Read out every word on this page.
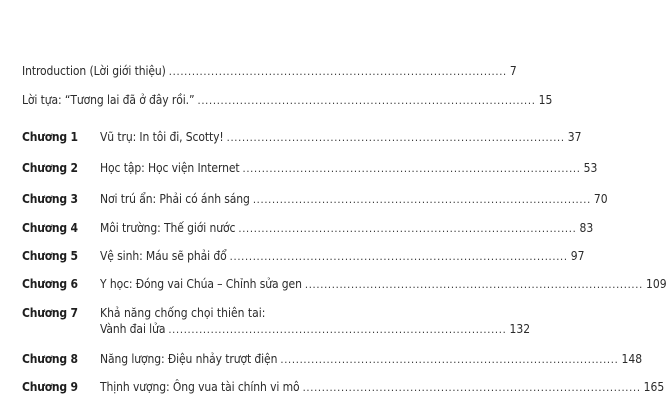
Introduction (Lời giới thiệu) ........................................................................................ 7
Lời tựa: “Tương lai đã ở đây rồi.” ........................................................................................ 15
Chương 1	Vũ trụ: In tôi đi, Scotty! ........................................................................................ 37
Chương 2	Học tập: Học viện Internet ........................................................................................ 53
Chương 3	Nơi trú ẩn: Phải có ánh sáng ........................................................................................ 70
Chương 4	Môi trường: Thế giới nước ........................................................................................ 83
Chương 5	Vệ sinh: Máu sẽ phải đổ ........................................................................................ 97
Chương 6	Y học: Đóng vai Chúa – Chỉnh sửa gen ........................................................................................ 109
Chương 7	Khả năng chống chọi thiên tai:
Vành đai lửa ........................................................................................ 132
Chương 8	Năng lượng: Điệu nhảy trượt điện ........................................................................................ 148
Chương 9	Thịnh vượng: Ông vua tài chính vi mô ........................................................................................ 165
